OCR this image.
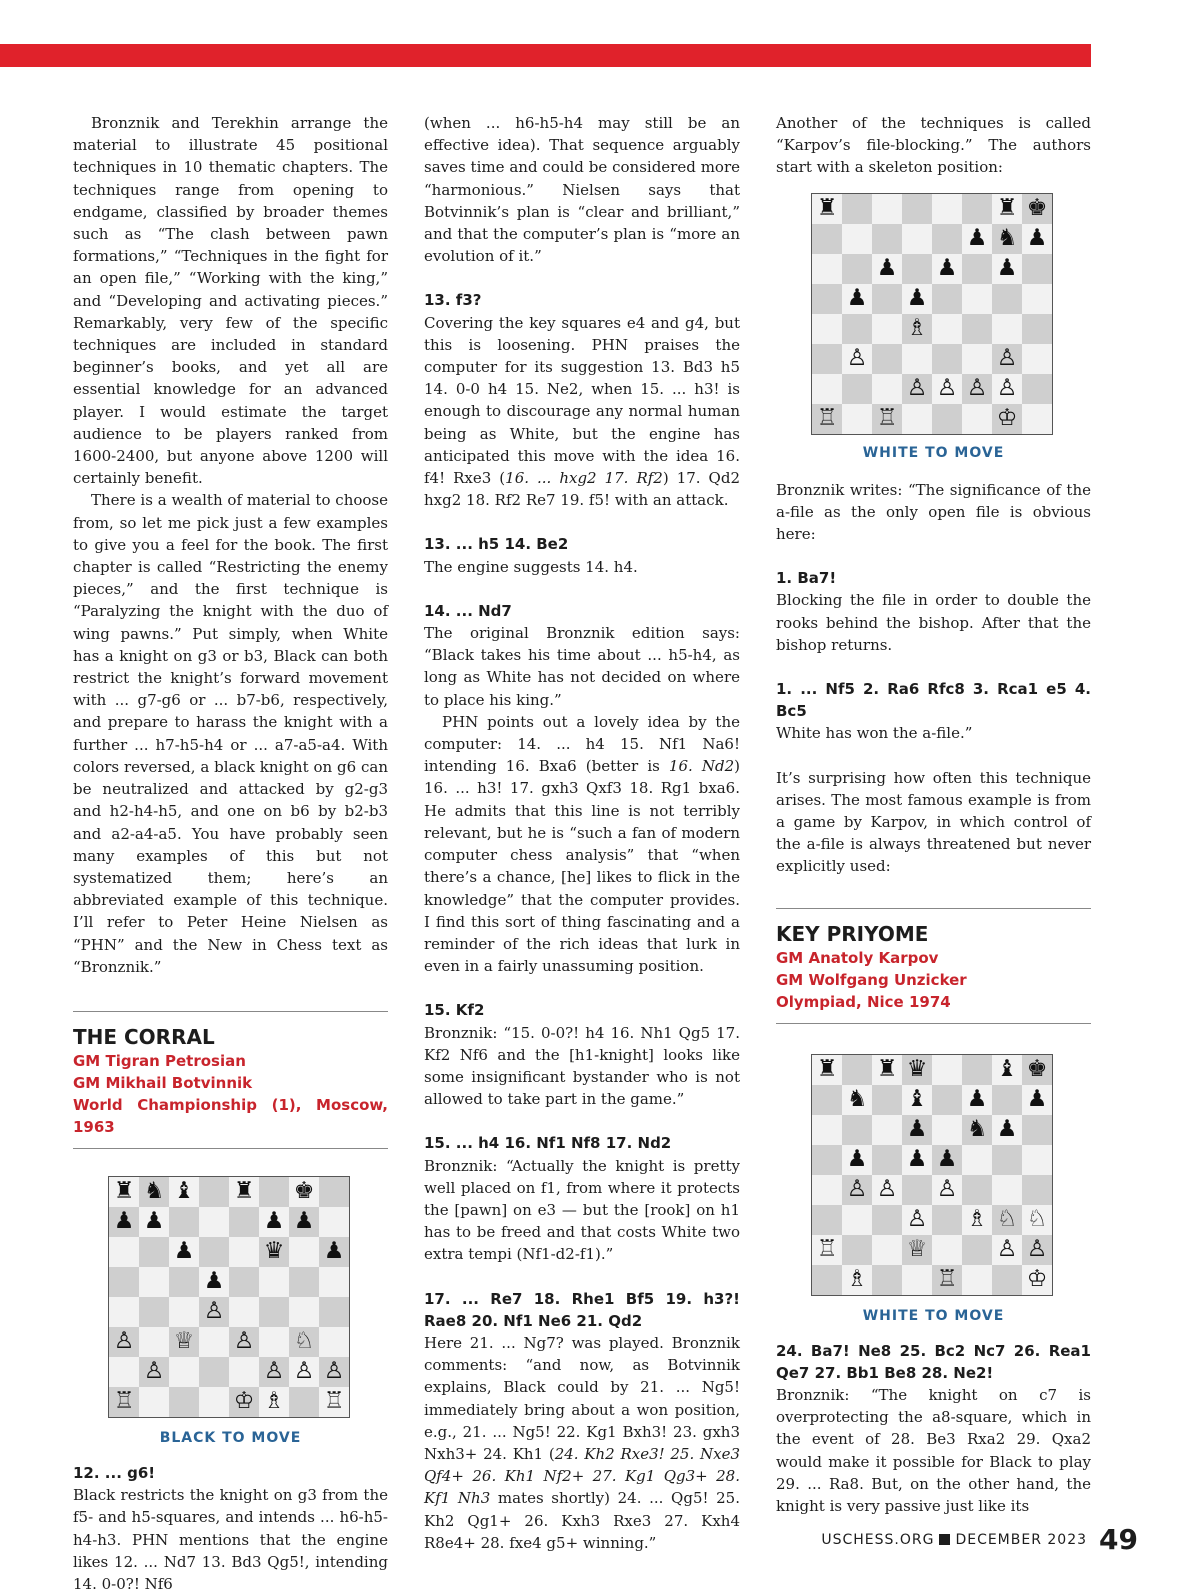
Bronznik and Terekhin arrange the material to illustrate 45 positional techniques in 10 thematic chapters. The techniques range from opening to endgame, classified by broader themes such as “The clash between pawn formations,” “Techniques in the fight for an open file,” “Working with the king,” and “Developing and activating pieces.” Remarkably, very few of the specific techniques are included in standard beginner’s books, and yet all are essential knowledge for an advanced player. I would estimate the target audience to be players ranked from 1600-2400, but anyone above 1200 will certainly benefit.

There is a wealth of material to choose from, so let me pick just a few examples to give you a feel for the book. The first chapter is called “Restricting the enemy pieces,” and the first technique is “Paralyzing the knight with the duo of wing pawns.” Put simply, when White has a knight on g3 or b3, Black can both restrict the knight’s forward movement with ... g7-g6 or ... b7-b6, respectively, and prepare to harass the knight with a further ... h7-h5-h4 or ... a7-a5-a4. With colors reversed, a black knight on g6 can be neutralized and attacked by g2-g3 and h2-h4-h5, and one on b6 by b2-b3 and a2-a4-a5. You have probably seen many examples of this but not systematized them; here’s an abbreviated example of this technique. I’ll refer to Peter Heine Nielsen as “PHN” and the New in Chess text as “Bronznik.”

THE CORRAL

GM Tigran Petrosian

GM Mikhail Botvinnik

World Championship (1), Moscow, 1963

♜ ♞ ♝ ♜ ♚
♟ ♟	♟ ♟
♟	♛ ♟
♟
♙
♙ ♕ ♙ ♘
♙	♙ ♙ ♙
♖	♔ ♗ ♖
BLACK TO MOVE

12. ... g6!

Black restricts the knight on g3 from the f5- and h5-squares, and intends ... h6-h5-h4-h3. PHN mentions that the engine likes 12. ... Nd7 13. Bd3 Qg5!, intending 14. 0-0?! Nf6

(when ... h6-h5-h4 may still be an effective idea). That sequence arguably saves time and could be considered more “harmonious.” Nielsen says that Botvinnik’s plan is “clear and brilliant,” and that the computer’s plan is “more an evolution of it.”

13. f3?

Covering the key squares e4 and g4, but this is loosening. PHN praises the computer for its suggestion 13. Bd3 h5 14. 0-0 h4 15. Ne2, when 15. ... h3! is enough to discourage any normal human being as White, but the engine has anticipated this move with the idea 16. f4! Rxe3 (16. ... hxg2 17. Rf2) 17. Qd2 hxg2 18. Rf2 Re7 19. f5! with an attack.

13. ... h5 14. Be2

The engine suggests 14. h4.

14. ... Nd7

The original Bronznik edition says: “Black takes his time about ... h5-h4, as long as White has not decided on where to place his king.”

PHN points out a lovely idea by the computer: 14. ... h4 15. Nf1 Na6! intending 16. Bxa6 (better is 16. Nd2) 16. ... h3! 17. gxh3 Qxf3 18. Rg1 bxa6. He admits that this line is not terribly relevant, but he is “such a fan of modern computer chess analysis” that “when there’s a chance, [he] likes to flick in the knowledge” that the computer provides. I find this sort of thing fascinating and a reminder of the rich ideas that lurk in even in a fairly unassuming position.

15. Kf2

Bronznik: “15. 0-0?! h4 16. Nh1 Qg5 17. Kf2 Nf6 and the [h1-knight] looks like some insignificant bystander who is not allowed to take part in the game.”

15. ... h4 16. Nf1 Nf8 17. Nd2

Bronznik: “Actually the knight is pretty well placed on f1, from where it protects the [pawn] on e3 — but the [rook] on h1 has to be freed and that costs White two extra tempi (Nf1-d2-f1).”

17. ... Re7 18. Rhe1 Bf5 19. h3?! Rae8 20. Nf1 Ne6 21. Qd2

Here 21. ... Ng7? was played. Bronznik comments: “and now, as Botvinnik explains, Black could by 21. ... Ng5! immediately bring about a won position, e.g., 21. ... Ng5! 22. Kg1 Bxh3! 23. gxh3 Nxh3+ 24. Kh1 (24. Kh2 Rxe3! 25. Nxe3 Qf4+ 26. Kh1 Nf2+ 27. Kg1 Qg3+ 28. Kf1 Nh3 mates shortly) 24. ... Qg5! 25. Kh2 Qg1+ 26. Kxh3 Rxe3 27. Kxh4 R8e4+ 28. fxe4 g5+ winning.”

Another of the techniques is called “Karpov’s file-blocking.” The authors start with a skeleton position:

♜	♜ ♚
♟ ♞ ♟
♟ ♟ ♟
♟ ♟
♗
♙	♙
♙ ♙ ♙ ♙
♖ ♖	♔
WHITE TO MOVE

Bronznik writes: “The significance of the a-file as the only open file is obvious here:

1. Ba7!

Blocking the file in order to double the rooks behind the bishop. After that the bishop returns.

1. ... Nf5 2. Ra6 Rfc8 3. Rca1 e5 4. Bc5

White has won the a-file.”

It’s surprising how often this technique arises. The most famous example is from a game by Karpov, in which control of the a-file is always threatened but never explicitly used:

KEY PRIYOME

GM Anatoly Karpov

GM Wolfgang Unzicker

Olympiad, Nice 1974

♜ ♜ ♛	♝ ♚
♞ ♝ ♟ ♟
♟ ♞ ♟
♟ ♟ ♟
♙ ♙ ♙
♙ ♗ ♘ ♘
♖	♕	♙ ♙
♗	♖	♔
WHITE TO MOVE

24. Ba7! Ne8 25. Bc2 Nc7 26. Rea1 Qe7 27. Bb1 Be8 28. Ne2!

Bronznik: “The knight on c7 is overprotecting the a8-square, which in the event of 28. Be3 Rxa2 29. Qxa2 would make it possible for Black to play 29. ... Ra8. But, on the other hand, the knight is very passive just like its

USCHESS.ORG DECEMBER 2023 49
